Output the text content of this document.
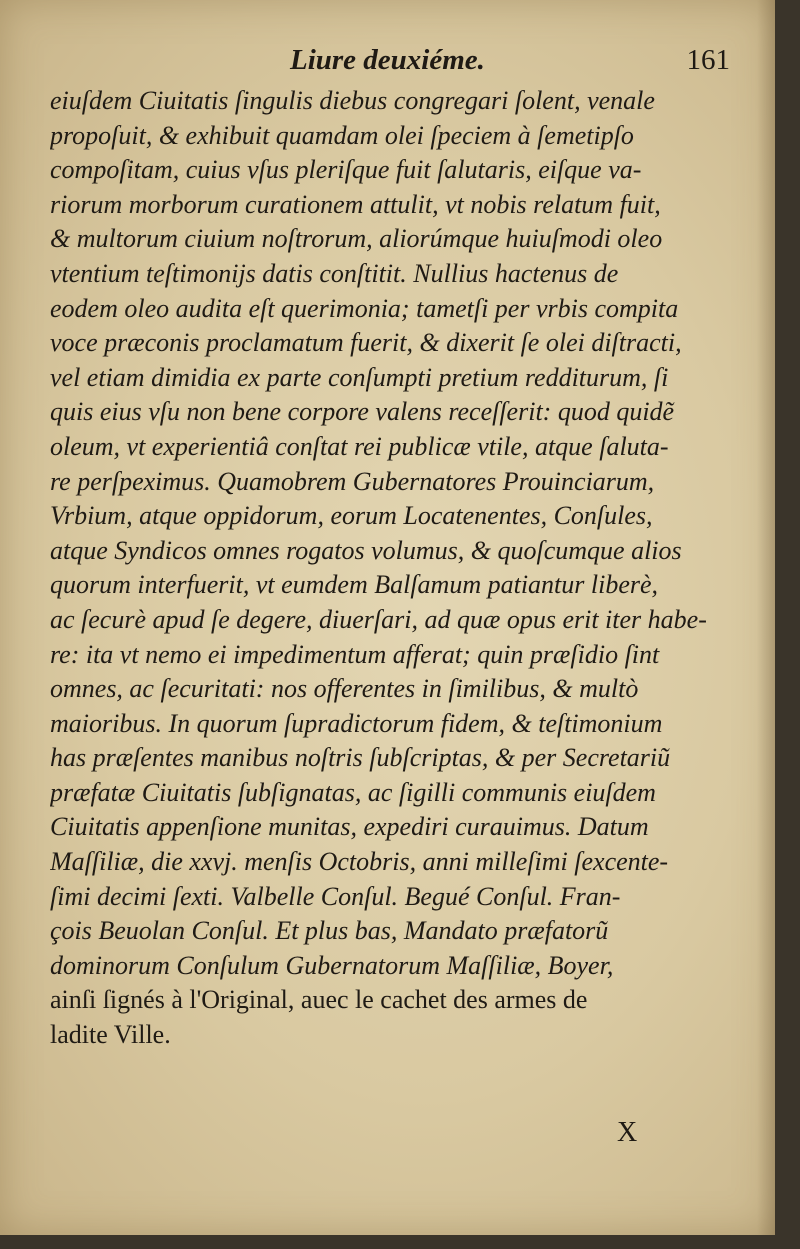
Liure deuxiéme.	161
eiuſdem Ciuitatis ſingulis diebus congregari ſolent, venale
propoſuit, & exhibuit quamdam olei ſpeciem à ſemetipſo
compoſitam, cuius vſus pleriſque fuit ſalutaris, eiſque va-
riorum morborum curationem attulit, vt nobis relatum fuit,
& multorum ciuium noſtrorum, aliorúmque huiuſmodi oleo
vtentium teſtimonijs datis conſtitit. Nullius hactenus de
eodem oleo audita eſt querimonia; tametſi per vrbis compita
voce præconis proclamatum fuerit, & dixerit ſe olei diſtracti,
vel etiam dimidia ex parte conſumpti pretium redditurum, ſi
quis eius vſu non bene corpore valens receſſerit: quod quidẽ
oleum, vt experientiâ conſtat rei publicæ vtile, atque ſaluta-
re perſpeximus. Quamobrem Gubernatores Prouinciarum,
Vrbium, atque oppidorum, eorum Locatenentes, Conſules,
atque Syndicos omnes rogatos volumus, & quoſcumque alios
quorum interfuerit, vt eumdem Balſamum patiantur liberè,
ac ſecurè apud ſe degere, diuerſari, ad quæ opus erit iter habe-
re: ita vt nemo ei impedimentum afferat; quin præſidio ſint
omnes, ac ſecuritati: nos offerentes in ſimilibus, & multò
maioribus. In quorum ſupradictorum fidem, & teſtimonium
has præſentes manibus noſtris ſubſcriptas, & per Secretariũ
præfatæ Ciuitatis ſubſignatas, ac ſigilli communis eiuſdem
Ciuitatis appenſione munitas, expediri curauimus. Datum
Maſſiliæ, die xxvj. menſis Octobris, anni milleſimi ſexcente-
ſimi decimi ſexti. Valbelle Conſul. Begué Conſul. Fran-
çois Beuolan Conſul. Et plus bas, Mandato præfatorũ
dominorum Conſulum Gubernatorum Maſſiliæ, Boyer,
ainſi ſignés à l'Original, auec le cachet des armes de
ladite Ville.
X
